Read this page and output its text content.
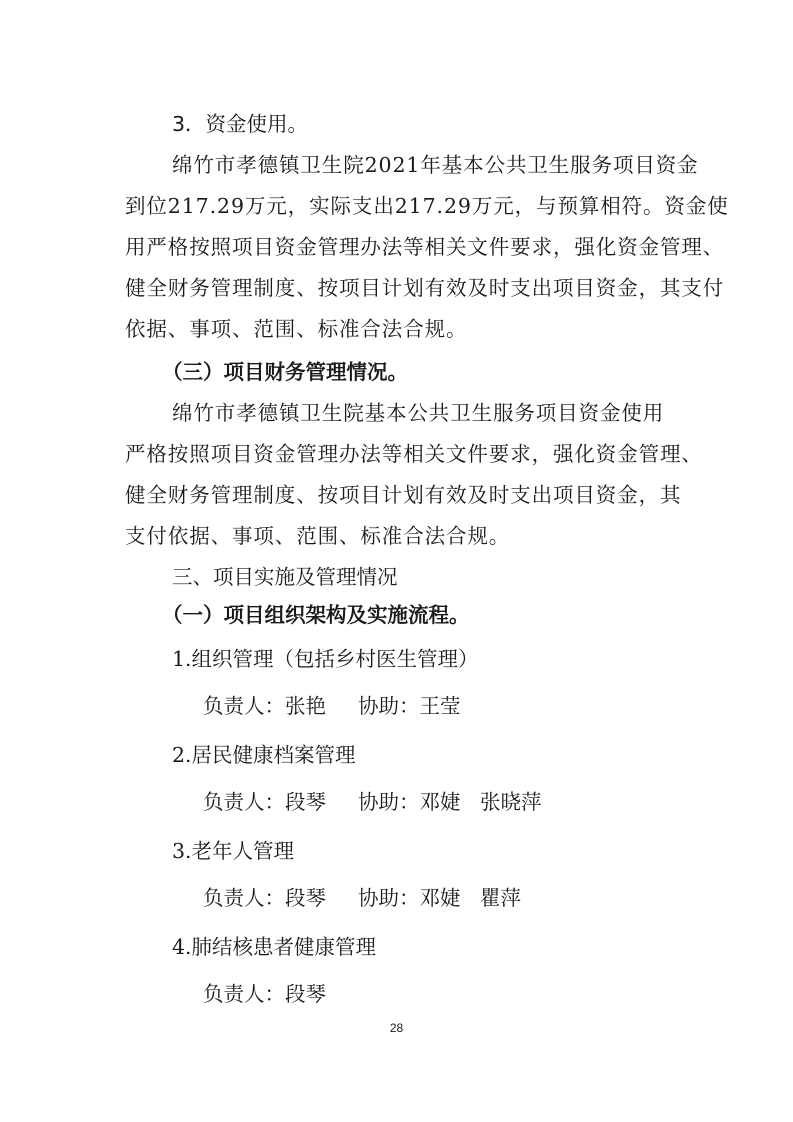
3．资金使用。
绵竹市孝德镇卫生院2021年基本公共卫生服务项目资金
到位217.29万元，实际支出217.29万元，与预算相符。资金使
用严格按照项目资金管理办法等相关文件要求，强化资金管理、
健全财务管理制度、按项目计划有效及时支出项目资金，其支付
依据、事项、范围、标准合法合规。
（三）项目财务管理情况。
绵竹市孝德镇卫生院基本公共卫生服务项目资金使用
严格按照项目资金管理办法等相关文件要求，强化资金管理、
健全财务管理制度、按项目计划有效及时支出项目资金，其
支付依据、事项、范围、标准合法合规。
三、项目实施及管理情况
（一）项目组织架构及实施流程。
1.组织管理（包括乡村医生管理）
负责人：张艳 协助：王莹
2.居民健康档案管理
负责人：段琴 协助：邓婕   张晓萍
3.老年人管理
负责人：段琴 协助：邓婕   瞿萍
4.肺结核患者健康管理
负责人：段琴
28
